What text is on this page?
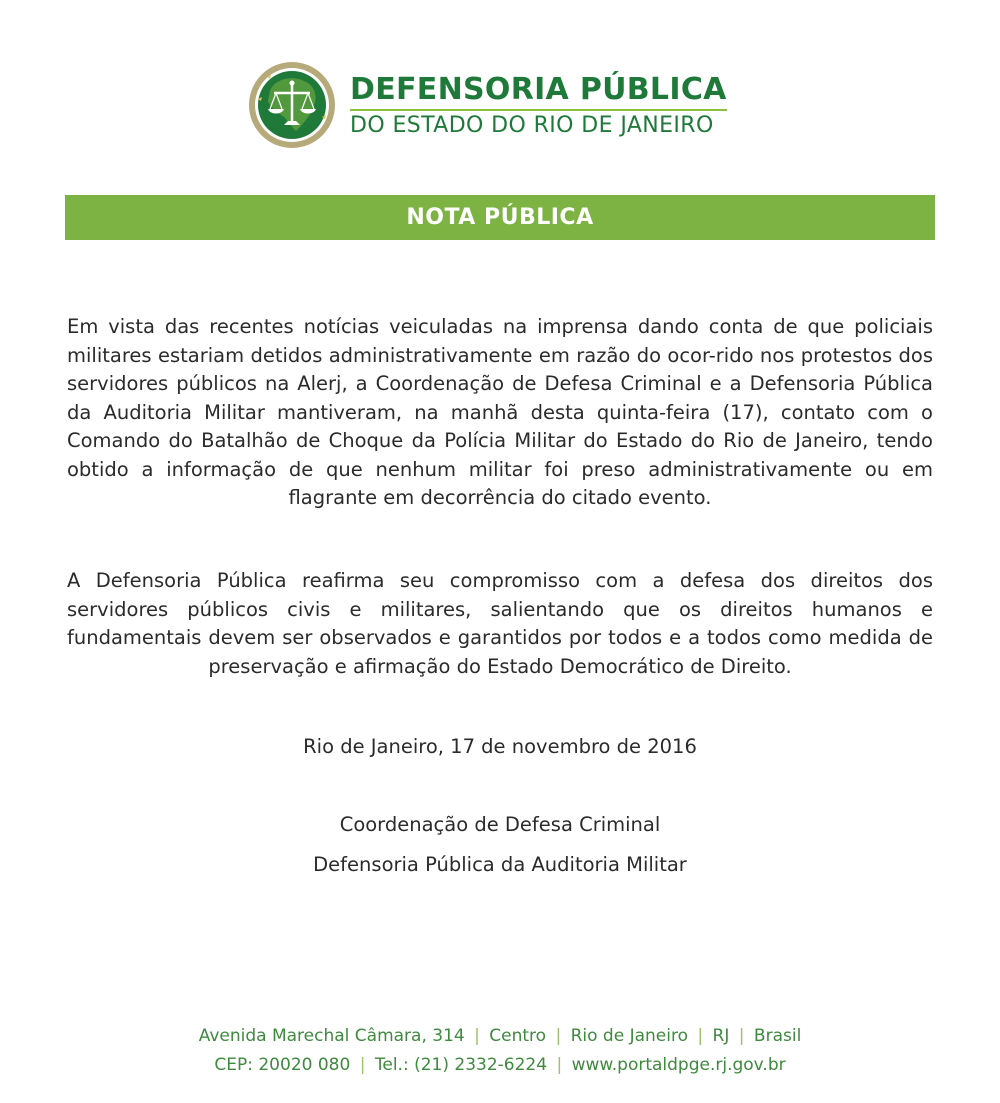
DEFENSORIA PÚBLICA
DO ESTADO DO RIO DE JANEIRO
NOTA PÚBLICA

Em vista das recentes notícias veiculadas na imprensa dando conta de que policiais militares estariam detidos administrativamente em razão do ocor-rido nos protestos dos servidores públicos na Alerj, a Coordenação de Defesa Criminal e a Defensoria Pública da Auditoria Militar mantiveram, na manhã desta quinta-feira (17), contato com o Comando do Batalhão de Choque da Polícia Militar do Estado do Rio de Janeiro, tendo obtido a informação de que nenhum militar foi preso administrativamente ou em flagrante em decorrência do citado evento.

A Defensoria Pública reafirma seu compromisso com a defesa dos direitos dos servidores públicos civis e militares, salientando que os direitos humanos e fundamentais devem ser observados e garantidos por todos e a todos como medida de preservação e afirmação do Estado Democrático de Direito.

Rio de Janeiro, 17 de novembro de 2016
Coordenação de Defesa Criminal
Defensoria Pública da Auditoria Militar
Avenida Marechal Câmara, 314 | Centro | Rio de Janeiro | RJ | Brasil
CEP: 20020 080 | Tel.: (21) 2332-6224 | www.portaldpge.rj.gov.br
